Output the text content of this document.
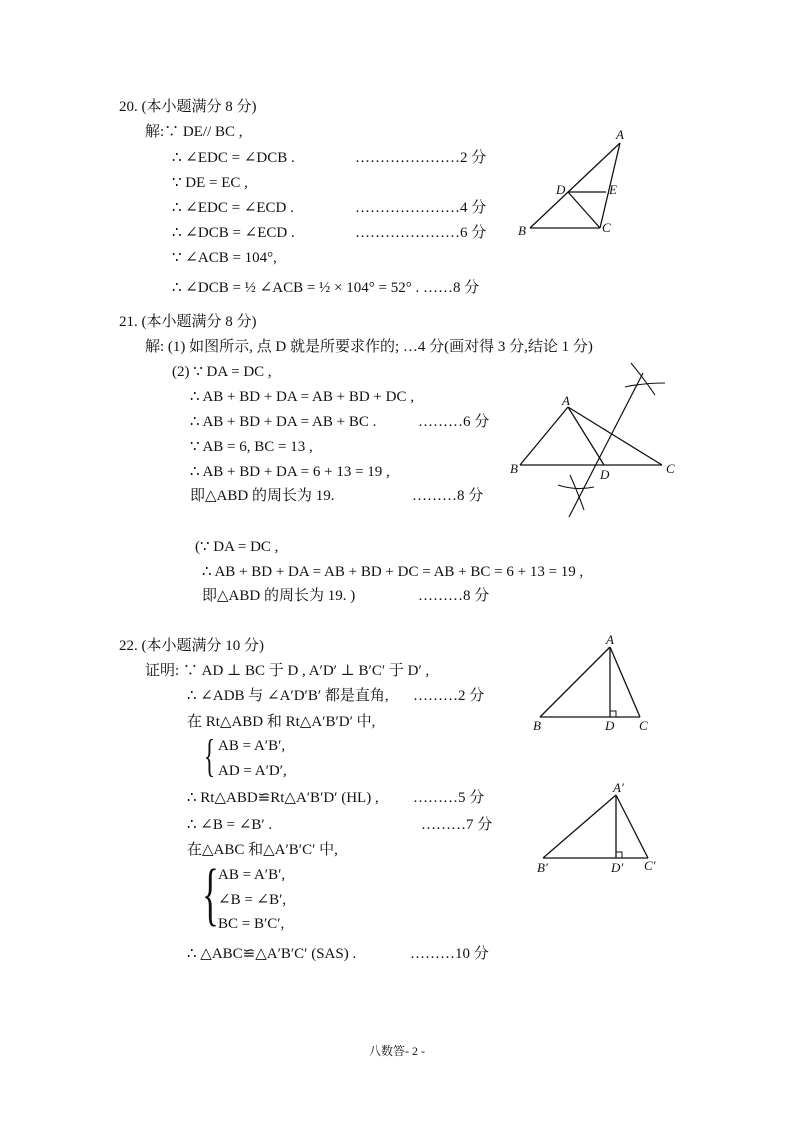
20. (本小题满分 8 分)
解:∵ DE// BC ,
∴ ∠EDC = ∠DCB .	…………………2 分
∵ DE = EC ,
∴ ∠EDC = ∠ECD .	…………………4 分
∴ ∠DCB = ∠ECD .	…………………6 分
∵ ∠ACB = 104°,
∴ ∠DCB = ½ ∠ACB = ½ × 104° = 52° . ……8 分
A
D	E
B	C
21. (本小题满分 8 分)
解: (1) 如图所示, 点 D 就是所要求作的; …4 分(画对得 3 分,结论 1 分)
(2) ∵ DA = DC ,
∴ AB + BD + DA = AB + BD + DC ,
∴ AB + BD + DA = AB + BC .	………6 分
∵ AB = 6, BC = 13 ,
∴ AB + BD + DA = 6 + 13 = 19 ,
即△ABD 的周长为 19.	………8 分
(∵ DA = DC ,
∴ AB + BD + DA = AB + BD + DC = AB + BC = 6 + 13 = 19 ,
即△ABD 的周长为 19. )	………8 分
A
B	D	C
22. (本小题满分 10 分)
证明: ∵ AD ⊥ BC 于 D , A′D′ ⊥ B′C′ 于 D′ ,
∴ ∠ADB 与 ∠A′D′B′ 都是直角, ………2 分
在 Rt△ABD 和 Rt△A′B′D′ 中,
{ AB = A′B′,
AD = A′D′,
∴ Rt△ABD≌Rt△A′B′D′ (HL) , ………5 分
∴ ∠B = ∠B′ .	………7 分
在△ABC 和△A′B′C′ 中,
{ AB = A′B′,
∠B = ∠B′,
BC = B′C′,
∴ △ABC≌△A′B′C′ (SAS) .	………10 分
A
B	D C
A′
B′	D′ C′
八数答- 2 -
